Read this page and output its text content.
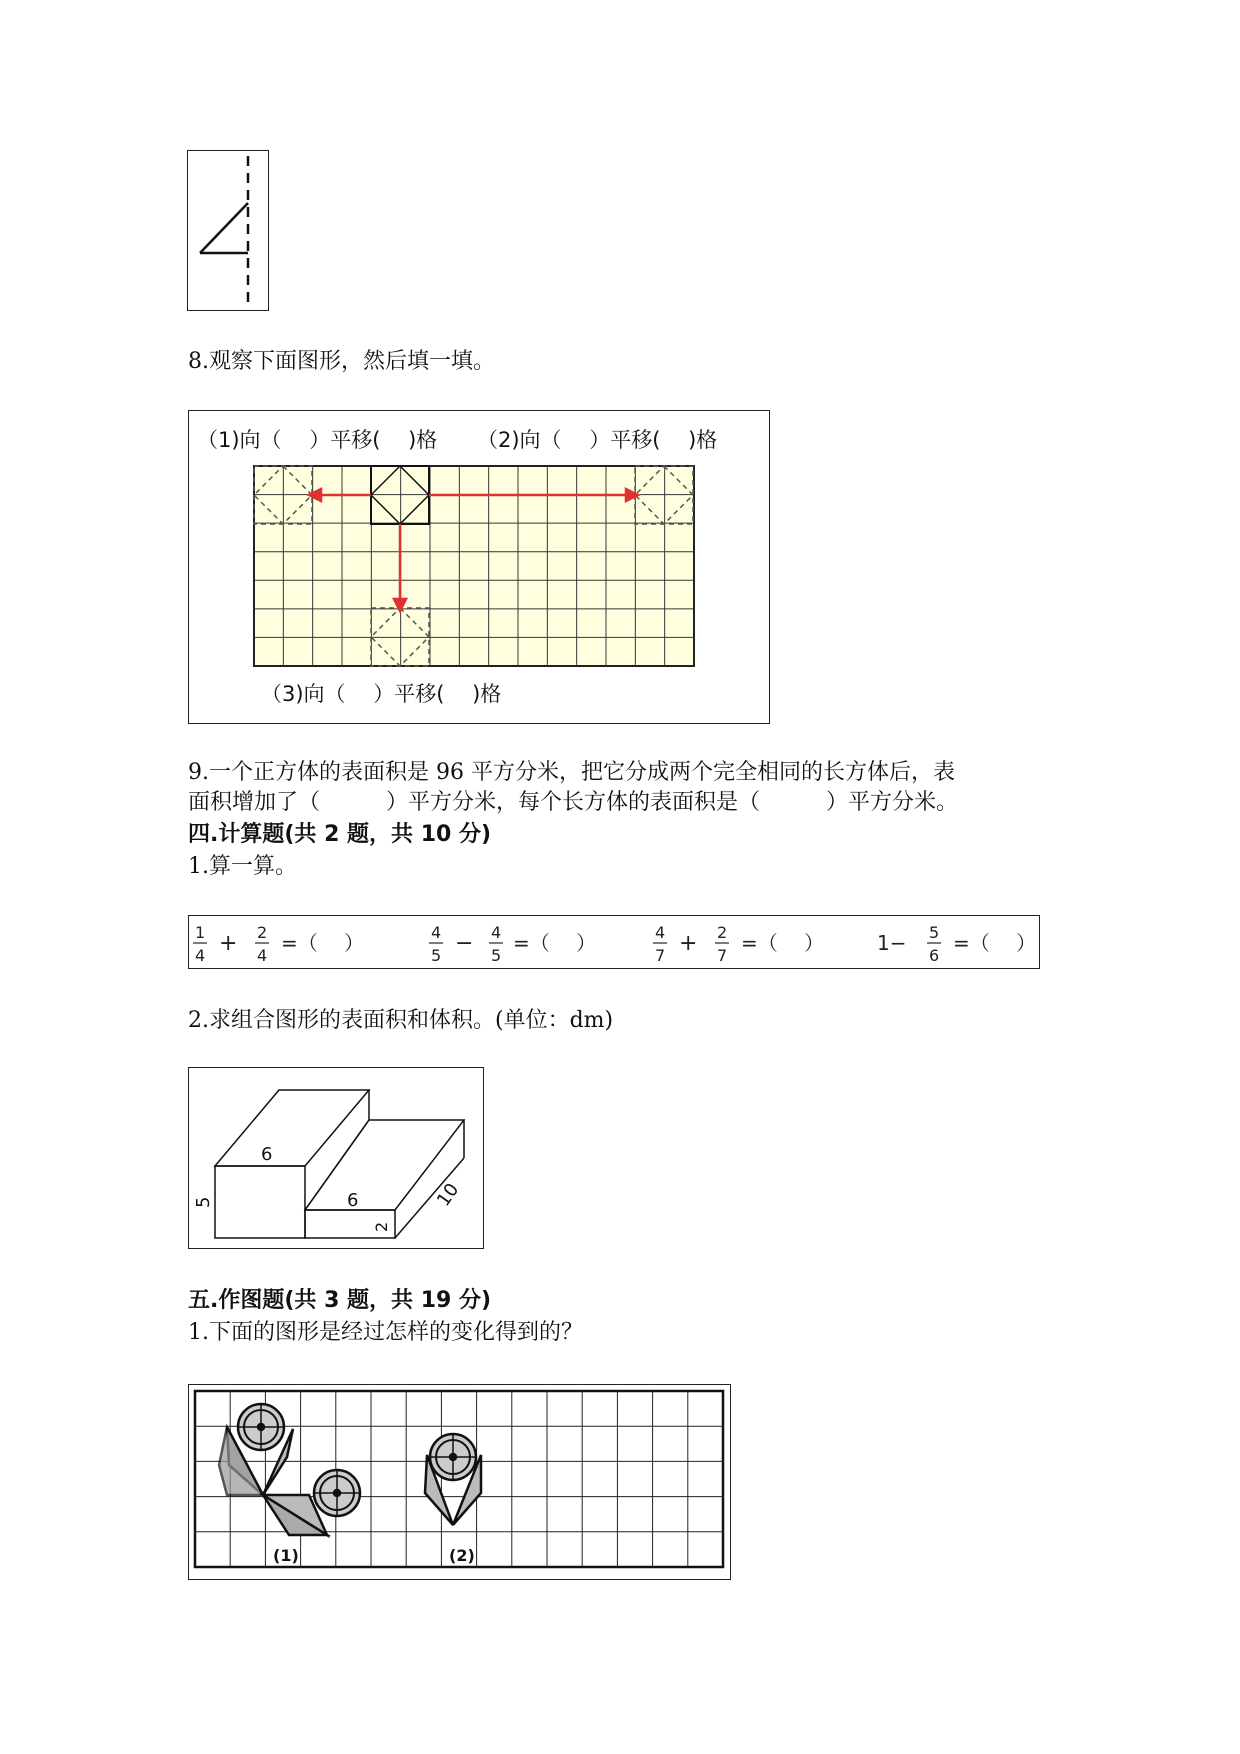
8.观察下面图形，然后填一填。
（1)向（　 ）平移(　 )格 （2)向（　 ）平移(　 )格
（3)向（　 ）平移(　 )格
9.一个正方体的表面积是 96 平方分米，把它分成两个完全相同的长方体后，表
面积增加了（　　　）平方分米，每个长方体的表面积是（　　　）平方分米。
四.计算题(共 2 题，共 10 分)
1.算一算。
1
4 + 2
4
=（　 ）	4
5 − 4
5
=（　 ）	4
7 + 2
7
=（　 ）	1− 5
6
=（　 ）
2.求组合图形的表面积和体积。(单位：dm)
6
5	6
2
10
五.作图题(共 3 题，共 19 分)
1.下面的图形是经过怎样的变化得到的？
(1)	(2)
